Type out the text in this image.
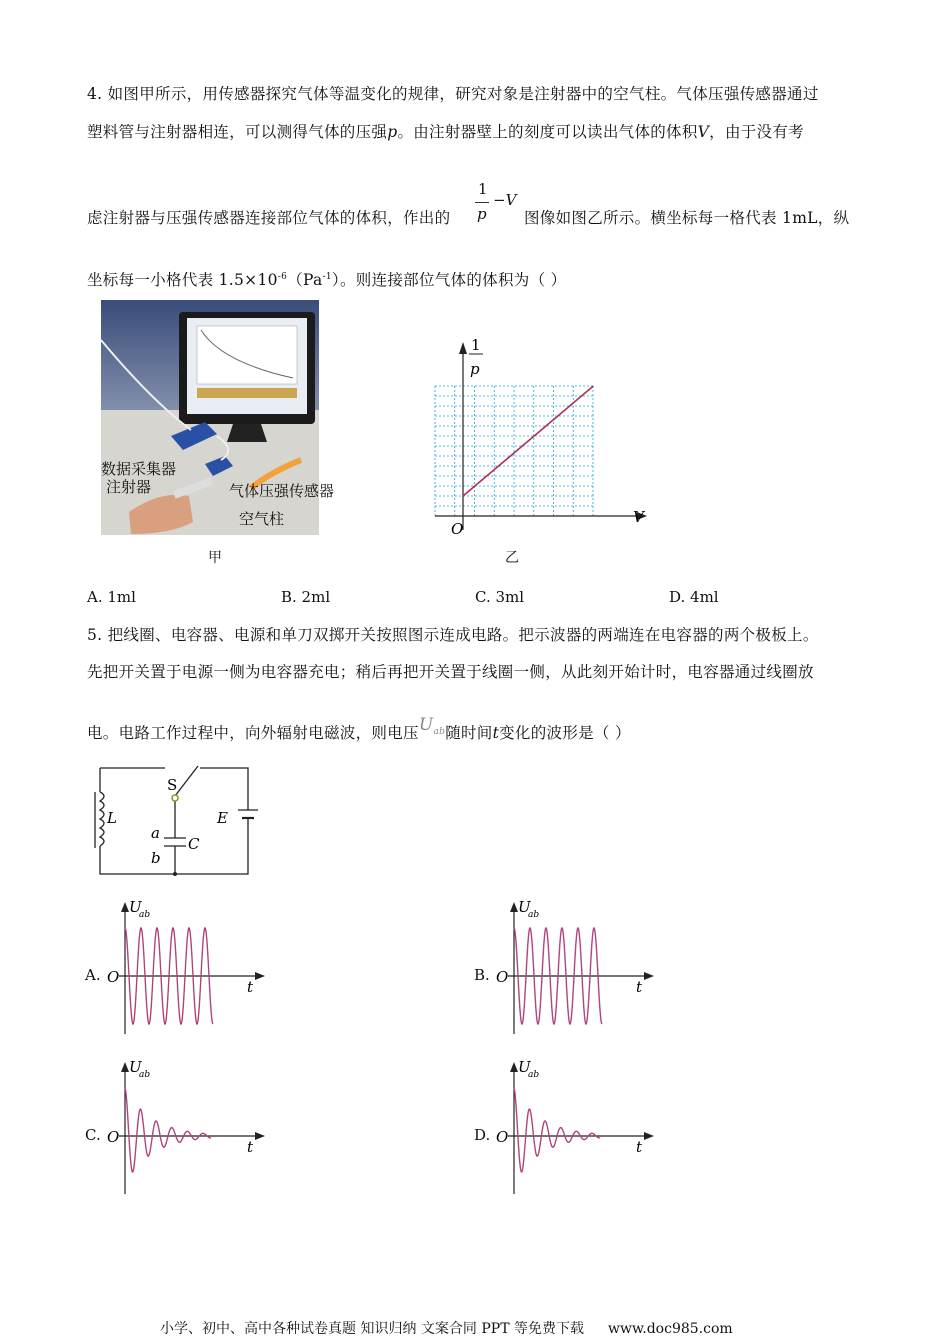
4. 如图甲所示，用传感器探究气体等温变化的规律，研究对象是注射器中的空气柱。气体压强传感器通过
塑料管与注射器相连，可以测得气体的压强p。由注射器壁上的刻度可以读出气体的体积V，由于没有考
1
p
−V
虑注射器与压强传感器连接部位气体的体积，作出的	图像如图乙所示。横坐标每一格代表 1mL，纵
坐标每一小格代表 $1.5\times 10^{-6}(Pa^{-1})$。则连接部位气体的体积为（ ）
数据采集器
注射器	气体压强传感器
空气柱
甲
1
p
V
O
乙
A. 1ml	B. 2ml	C. 3ml	D. 4ml
5. 把线圈、电容器、电源和单刀双掷开关按照图示连成电路。把示波器的两端连在电容器的两个极板上。
先把开关置于电源一侧为电容器充电；稍后再把开关置于线圈一侧，从此刻开始计时，电容器通过线圈放
电。电路工作过程中，向外辐射电磁波，则电压$U_{ab}$随时间t变化的波形是（ ）
S
L	E
a
b
C
A.
U
ab
t
O	B.
U
ab
t
O
C.
U
ab
t
O	D.
U
ab
t
O
小学、初中、高中各种试卷真题 知识归纳 文案合同 PPT 等免费下载 www.doc985.com
